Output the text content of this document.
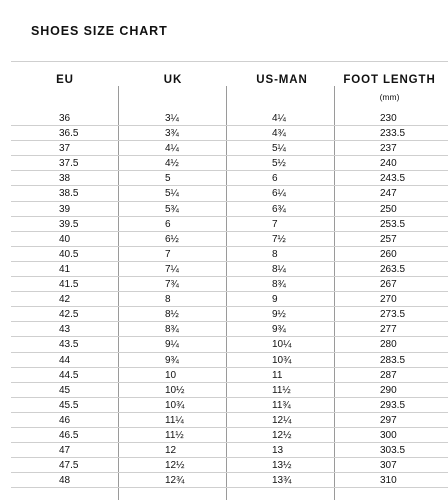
SHOES SIZE CHART
EU	UK	US-MAN	FOOT LENGTH
(mm)
36	3¼	4¼	230
36.5	3¾	4¾	233.5
37	4¼	5¼	237
37.5	4½	5½	240
38	5	6	243.5
38.5	5¼	6¼	247
39	5¾	6¾	250
39.5	6	7	253.5
40	6½	7½	257
40.5	7	8	260
41	7¼	8¼	263.5
41.5	7¾	8¾	267
42	8	9	270
42.5	8½	9½	273.5
43	8¾	9¾	277
43.5	9¼	10¼	280
44	9¾	10¾	283.5
44.5	10	11	287
45	10½	11½	290
45.5	10¾	11¾	293.5
46	11¼	12¼	297
46.5	11½	12½	300
47	12	13	303.5
47.5	12½	13½	307
48	12¾	13¾	310
